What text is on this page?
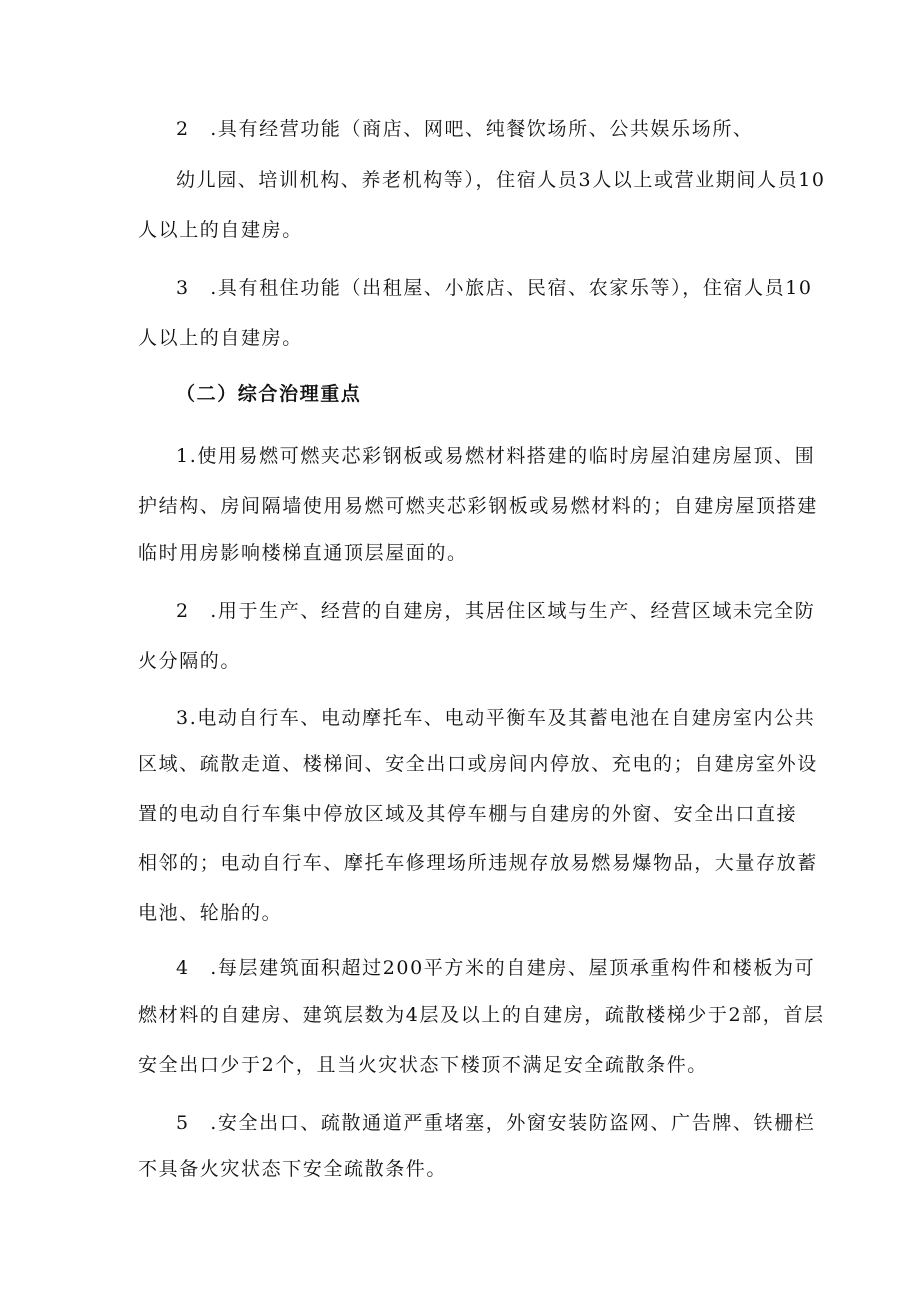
2　.具有经营功能（商店、网吧、纯餐饮场所、公共娱乐场所、
幼儿园、培训机构、养老机构等），住宿人员3人以上或营业期间人员10
人以上的自建房。
3　.具有租住功能（出租屋、小旅店、民宿、农家乐等），住宿人员10
人以上的自建房。
（二）综合治理重点
1.使用易燃可燃夹芯彩钢板或易燃材料搭建的临时房屋泊建房屋顶、围
护结构、房间隔墙使用易燃可燃夹芯彩钢板或易燃材料的；自建房屋顶搭建
临时用房影响楼梯直通顶层屋面的。
2　.用于生产、经营的自建房，其居住区域与生产、经营区域未完全防
火分隔的。
3.电动自行车、电动摩托车、电动平衡车及其蓄电池在自建房室内公共
区域、疏散走道、楼梯间、安全出口或房间内停放、充电的；自建房室外设
置的电动自行车集中停放区域及其停车棚与自建房的外窗、安全出口直接
相邻的；电动自行车、摩托车修理场所违规存放易燃易爆物品，大量存放蓄
电池、轮胎的。
4　.每层建筑面积超过200平方米的自建房、屋顶承重构件和楼板为可
燃材料的自建房、建筑层数为4层及以上的自建房，疏散楼梯少于2部，首层
安全出口少于2个，且当火灾状态下楼顶不满足安全疏散条件。
5　.安全出口、疏散通道严重堵塞，外窗安装防盗网、广告牌、铁栅栏
不具备火灾状态下安全疏散条件。
